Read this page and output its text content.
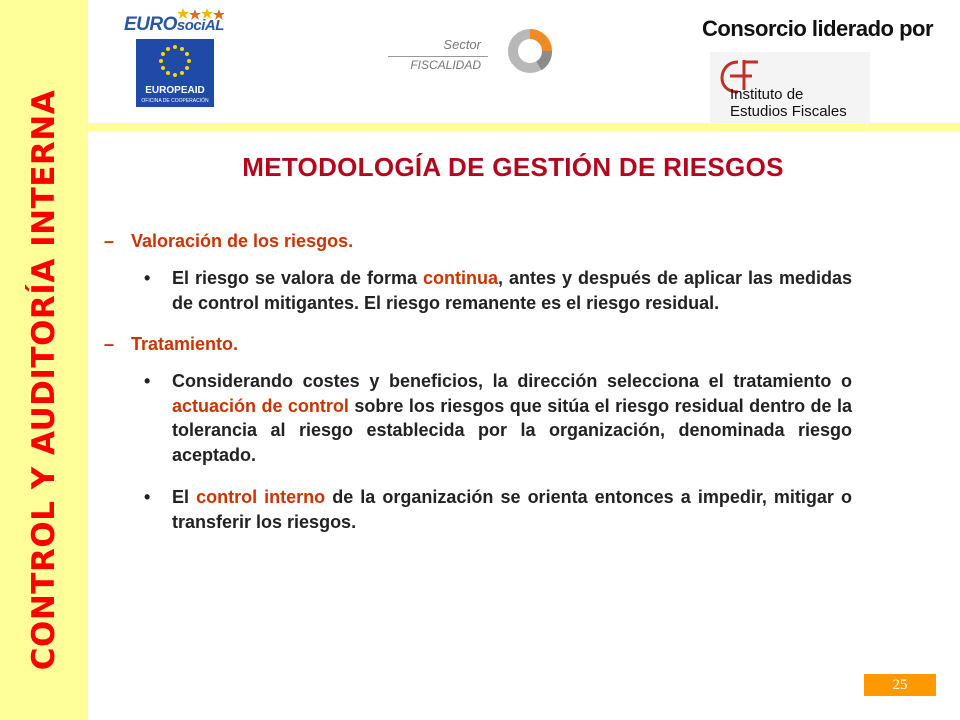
CONTROL Y AUDITORÍA INTERNA
EUROsociAL
EUROPEAID
OFICINA DE COOPERACIÓN
Sector
FISCALIDAD
Consorcio liderado por
Instituto de
Estudios Fiscales
METODOLOGÍA DE GESTIÓN DE RIESGOS
– Valoración de los riesgos.
• El riesgo se valora de forma continua, antes y después de aplicar las medidas de control mitigantes. El riesgo remanente es el riesgo residual.
– Tratamiento.
• Considerando costes y beneficios, la dirección selecciona el tratamiento o actuación de control sobre los riesgos que sitúa el riesgo residual dentro de la tolerancia al riesgo establecida por la organización, denominada riesgo aceptado.
• El control interno de la organización se orienta entonces a impedir, mitigar o transferir los riesgos.
25
